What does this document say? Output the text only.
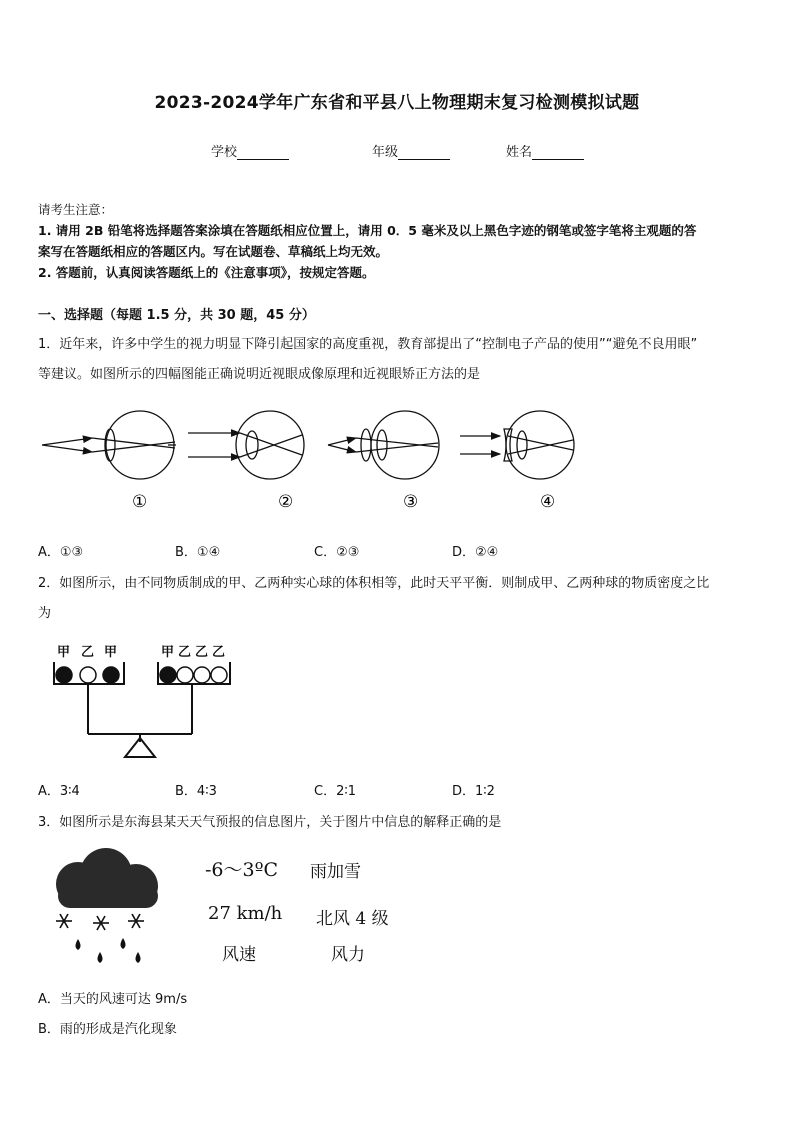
2023-2024学年广东省和平县八上物理期末复习检测模拟试题
学校	年级	姓名
请考生注意：
1. 请用 2B 铅笔将选择题答案涂填在答题纸相应位置上，请用 0．5 毫米及以上黑色字迹的钢笔或签字笔将主观题的答
案写在答题纸相应的答题区内。写在试题卷、草稿纸上均无效。
2. 答题前，认真阅读答题纸上的《注意事项》，按规定答题。
一、选择题（每题 1.5 分，共 30 题，45 分）
1．近年来，许多中学生的视力明显下降引起国家的高度重视，教育部提出了“控制电子产品的使用”“避免不良用眼”
等建议。如图所示的四幅图能正确说明近视眼成像原理和近视眼矫正方法的是
①	②	③	④
A．①③	B．①④	C．②③	D．②④
2．如图所示，由不同物质制成的甲、乙两种实心球的体积相等，此时天平平衡．则制成甲、乙两种球的物质密度之比
为
甲 乙 甲	甲 乙 乙 乙
A．3∶4	B．4∶3	C．2∶1	D．1∶2
3．如图所示是东海县某天天气预报的信息图片，关于图片中信息的解释正确的是
-6～3ºC 雨加雪
27 km/h 北风 4 级
风速	风力
A．当天的风速可达 9m/s
B．雨的形成是汽化现象
